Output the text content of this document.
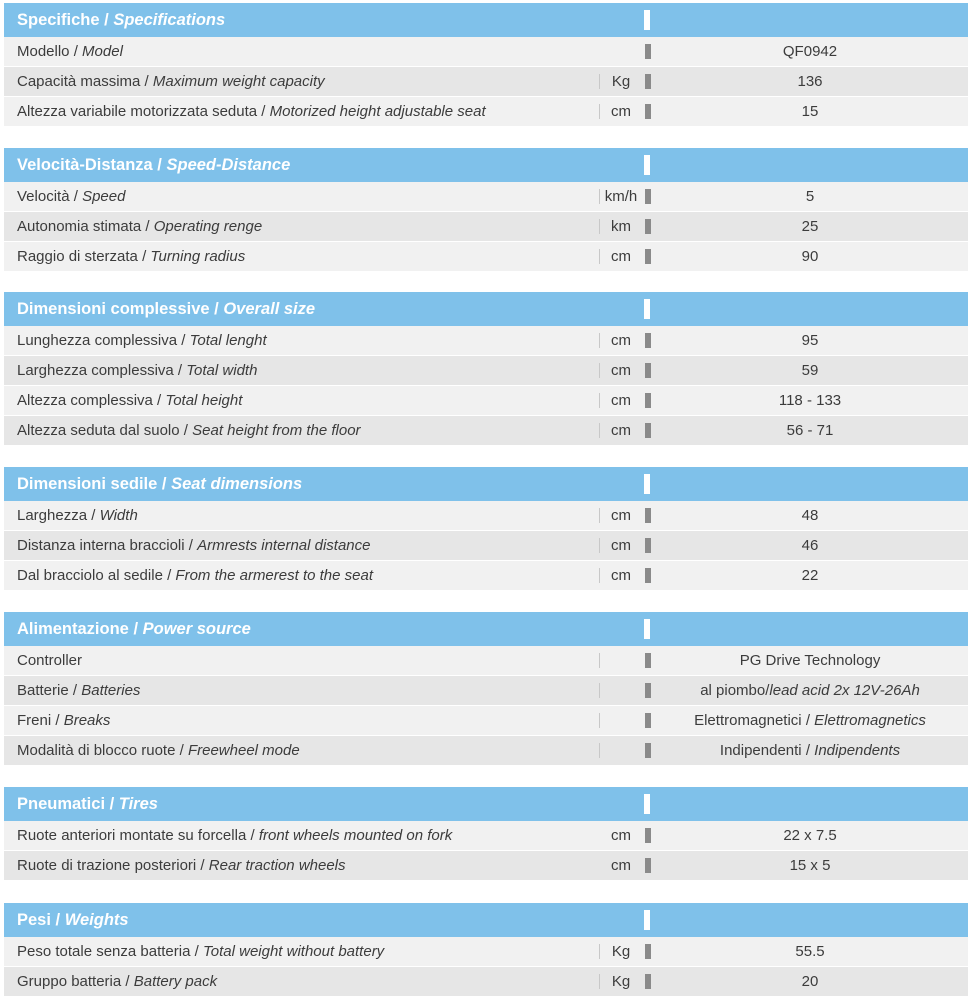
Specifiche / Specifications
Modello / Model	QF0942
Capacità massima / Maximum weight capacity	Kg	136
Altezza variabile motorizzata seduta / Motorized height adjustable seat	cm	15
Velocità-Distanza / Speed-Distance
Velocità / Speed	km/h	5
Autonomia stimata / Operating renge	km	25
Raggio di sterzata / Turning radius	cm	90
Dimensioni complessive / Overall size
Lunghezza complessiva / Total lenght	cm	95
Larghezza complessiva / Total width	cm	59
Altezza complessiva / Total height	cm	118 - 133
Altezza seduta dal suolo / Seat height from the floor	cm	56 - 71
Dimensioni sedile / Seat dimensions
Larghezza / Width	cm	48
Distanza interna braccioli / Armrests internal distance	cm	46
Dal bracciolo al sedile / From the armerest to the seat	cm	22
Alimentazione / Power source
Controller	PG Drive Technology
Batterie / Batteries	al piombo/lead acid 2x 12V-26Ah
Freni / Breaks	Elettromagnetici / Elettromagnetics
Modalità di blocco ruote / Freewheel mode	Indipendenti / Indipendents
Pneumatici / Tires
Ruote anteriori montate su forcella / front wheels mounted on fork	cm	22 x 7.5
Ruote di trazione posteriori / Rear traction wheels	cm	15 x 5
Pesi / Weights
Peso totale senza batteria / Total weight without battery	Kg	55.5
Gruppo batteria / Battery pack	Kg	20
